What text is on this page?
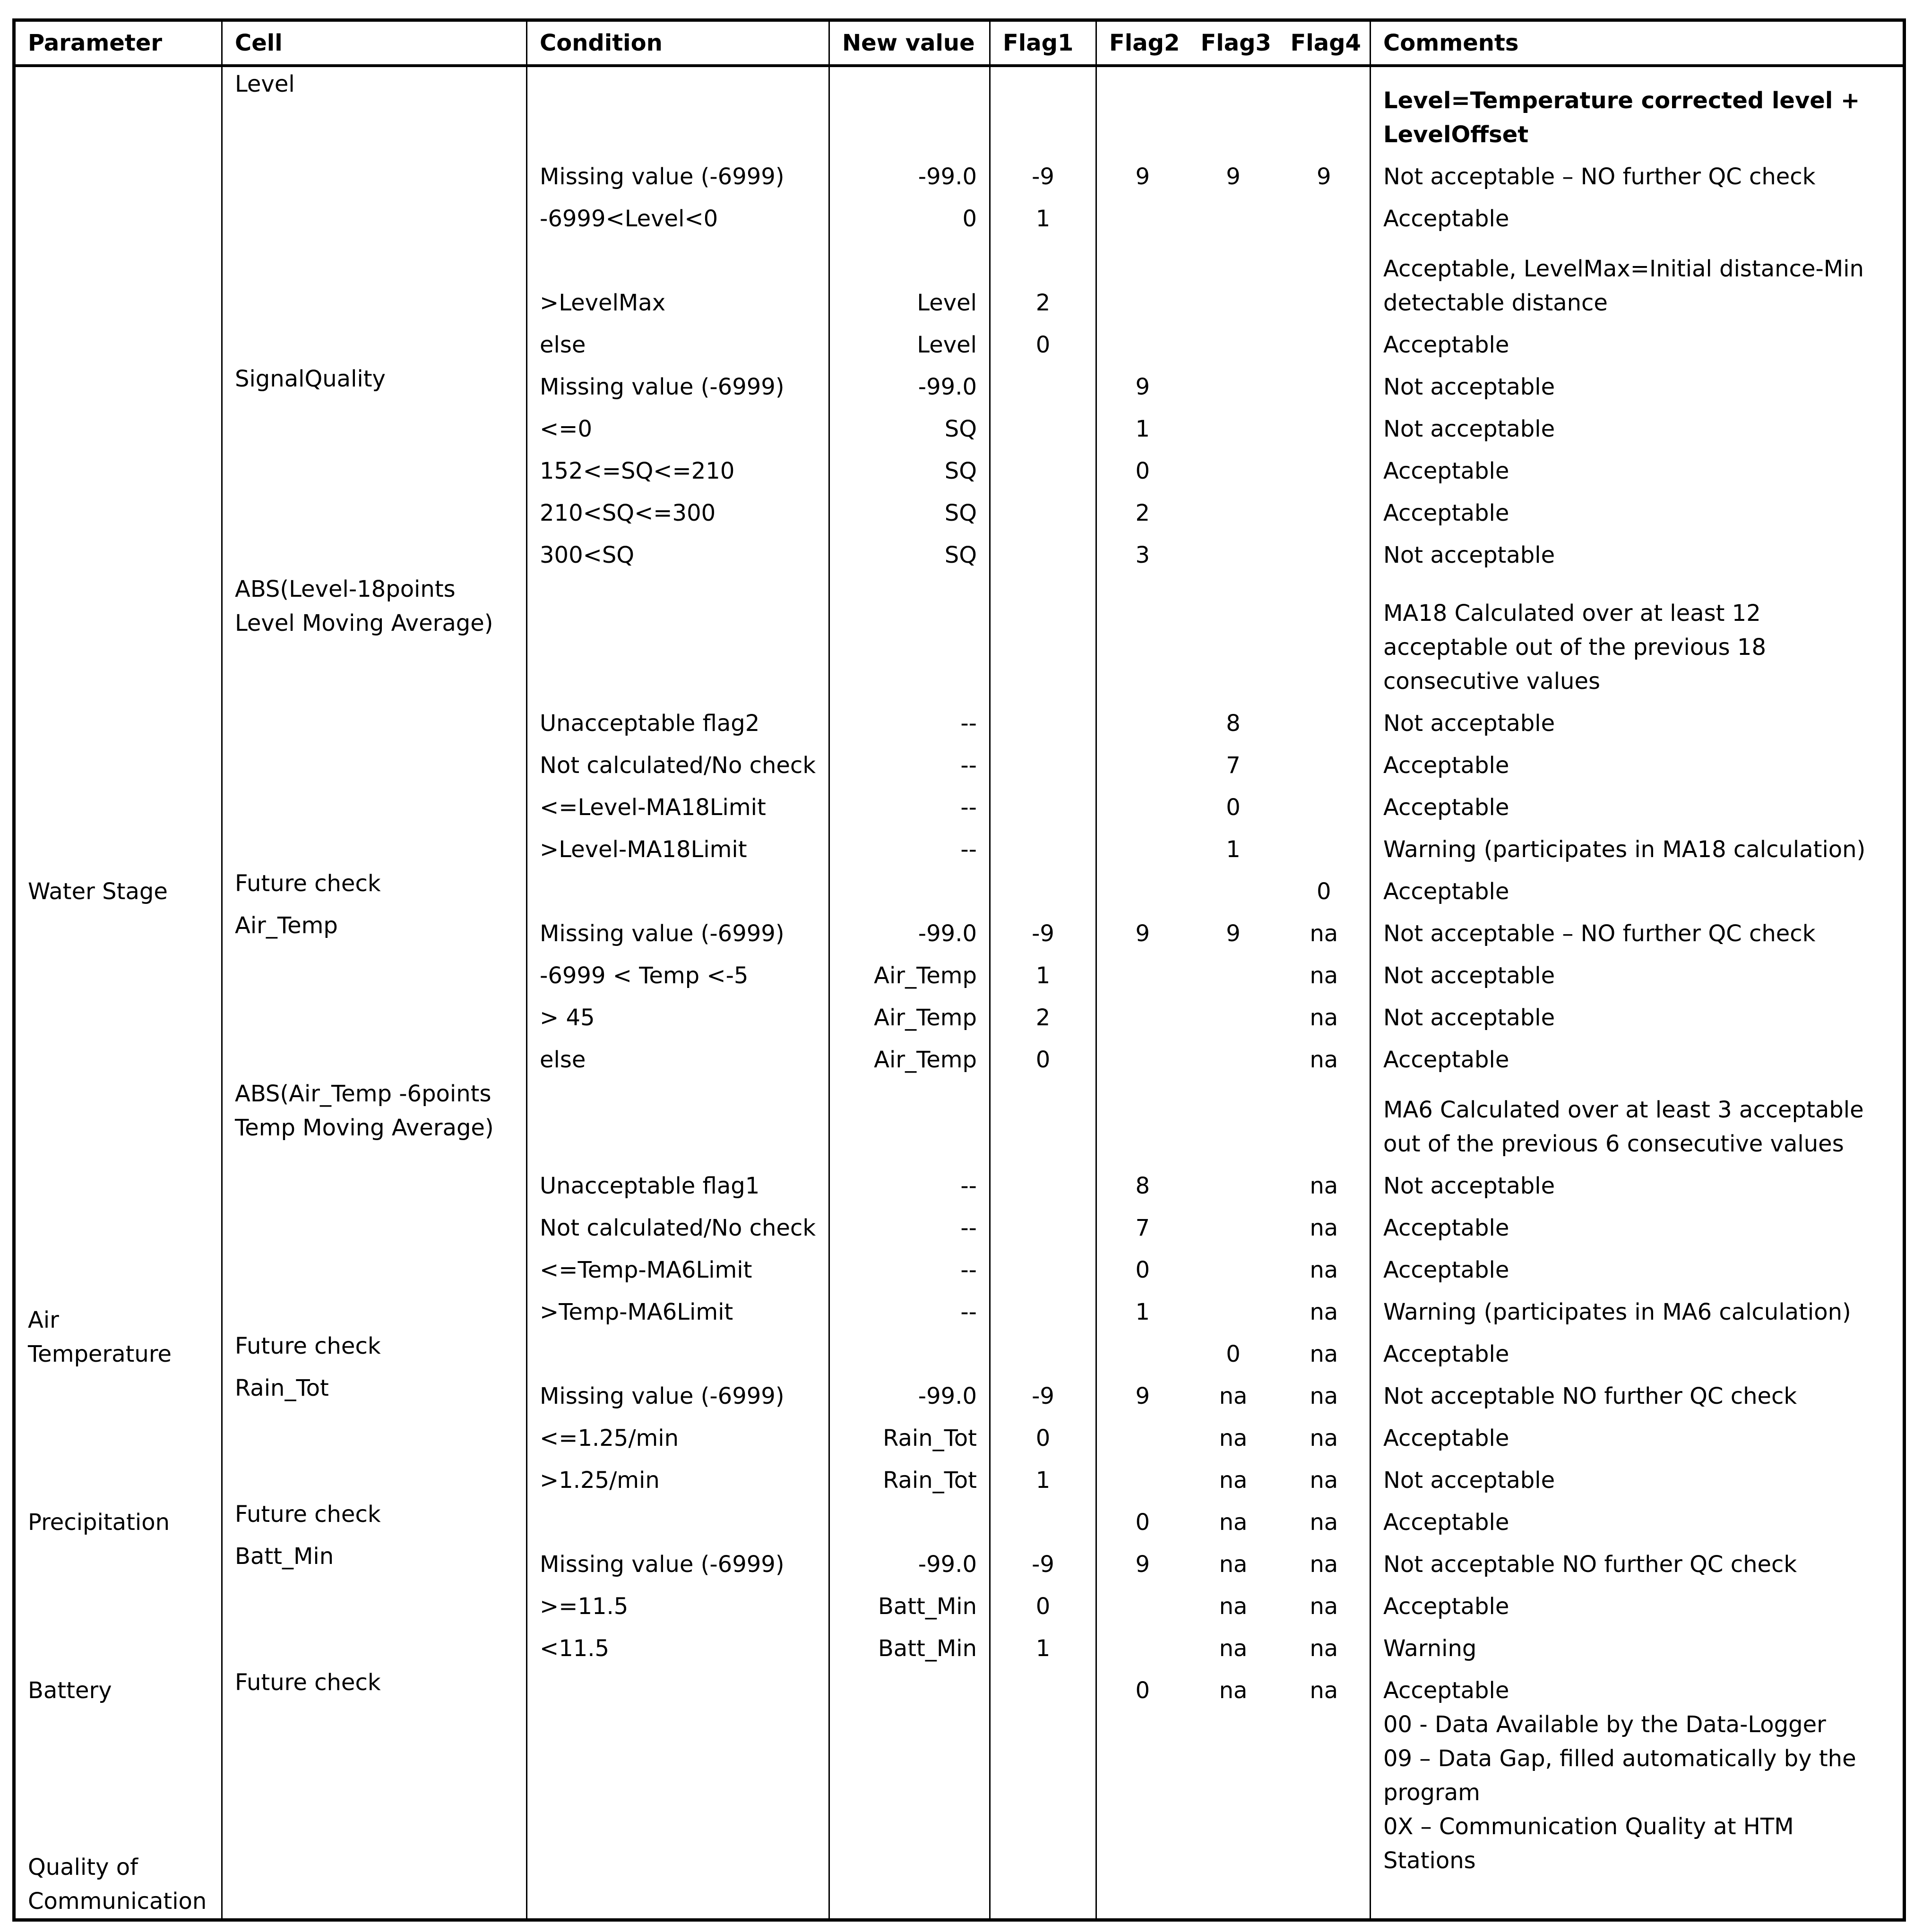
Parameter	Cell	Condition	New value	Flag1	Flag2	Flag3	Flag4	Comments
Water Stage	Level							Level=Temperature corrected level + LevelOffset
		Missing value (-6999)	-99.0	-9	9	9	9	Not acceptable – NO further QC check
		-6999<Level<0	0	1				Acceptable
		>LevelMax	Level	2				Acceptable, LevelMax=Initial distance-Min detectable distance
		else	Level	0				Acceptable
	SignalQuality							
		Missing value (-6999)	-99.0		9			Not acceptable
		<=0	SQ		1			Not acceptable
		152<=SQ<=210	SQ		0			Acceptable
		210<SQ<=300	SQ		2			Acceptable
		300<SQ	SQ		3			Not acceptable
	ABS(Level-18points Level Moving Average)							MA18 Calculated over at least 12 acceptable out of the previous 18 consecutive values
		Unacceptable flag2	--			8		Not acceptable
		Not calculated/No check	--			7		Acceptable
		<=Level-MA18Limit	--			0		Acceptable
		>Level-MA18Limit	--			1		Warning (participates in MA18 calculation)
	Future check						0	Acceptable
Air Temperature	Air_Temp							
		Missing value (-6999)	-99.0	-9	9	9	na	Not acceptable – NO further QC check
		-6999 < Temp <-5	Air_Temp	1			na	Not acceptable
		> 45	Air_Temp	2			na	Not acceptable
		else	Air_Temp	0			na	Acceptable
	ABS(Air_Temp -6points Temp Moving Average)							MA6 Calculated over at least 3 acceptable out of the previous 6 consecutive values
		Unacceptable flag1	--		8		na	Not acceptable
		Not calculated/No check	--		7		na	Acceptable
		<=Temp-MA6Limit	--		0		na	Acceptable
		>Temp-MA6Limit	--		1		na	Warning (participates in MA6 calculation)
	Future check					0	na	Acceptable
Precipitation	Rain_Tot							
		Missing value (-6999)	-99.0	-9	9	na	na	Not acceptable NO further QC check
		<=1.25/min	Rain_Tot	0		na	na	Acceptable
		>1.25/min	Rain_Tot	1		na	na	Not acceptable
	Future check				0	na	na	Acceptable
Battery	Batt_Min							
		Missing value (-6999)	-99.0	-9	9	na	na	Not acceptable NO further QC check
		>=11.5	Batt_Min	0		na	na	Acceptable
		<11.5	Batt_Min	1		na	na	Warning
	Future check				0	na	na	Acceptable
Quality of Communication								00 - Data Available by the Data-Logger
09 – Data Gap, filled automatically by the program
0X – Communication Quality at HTM Stations
